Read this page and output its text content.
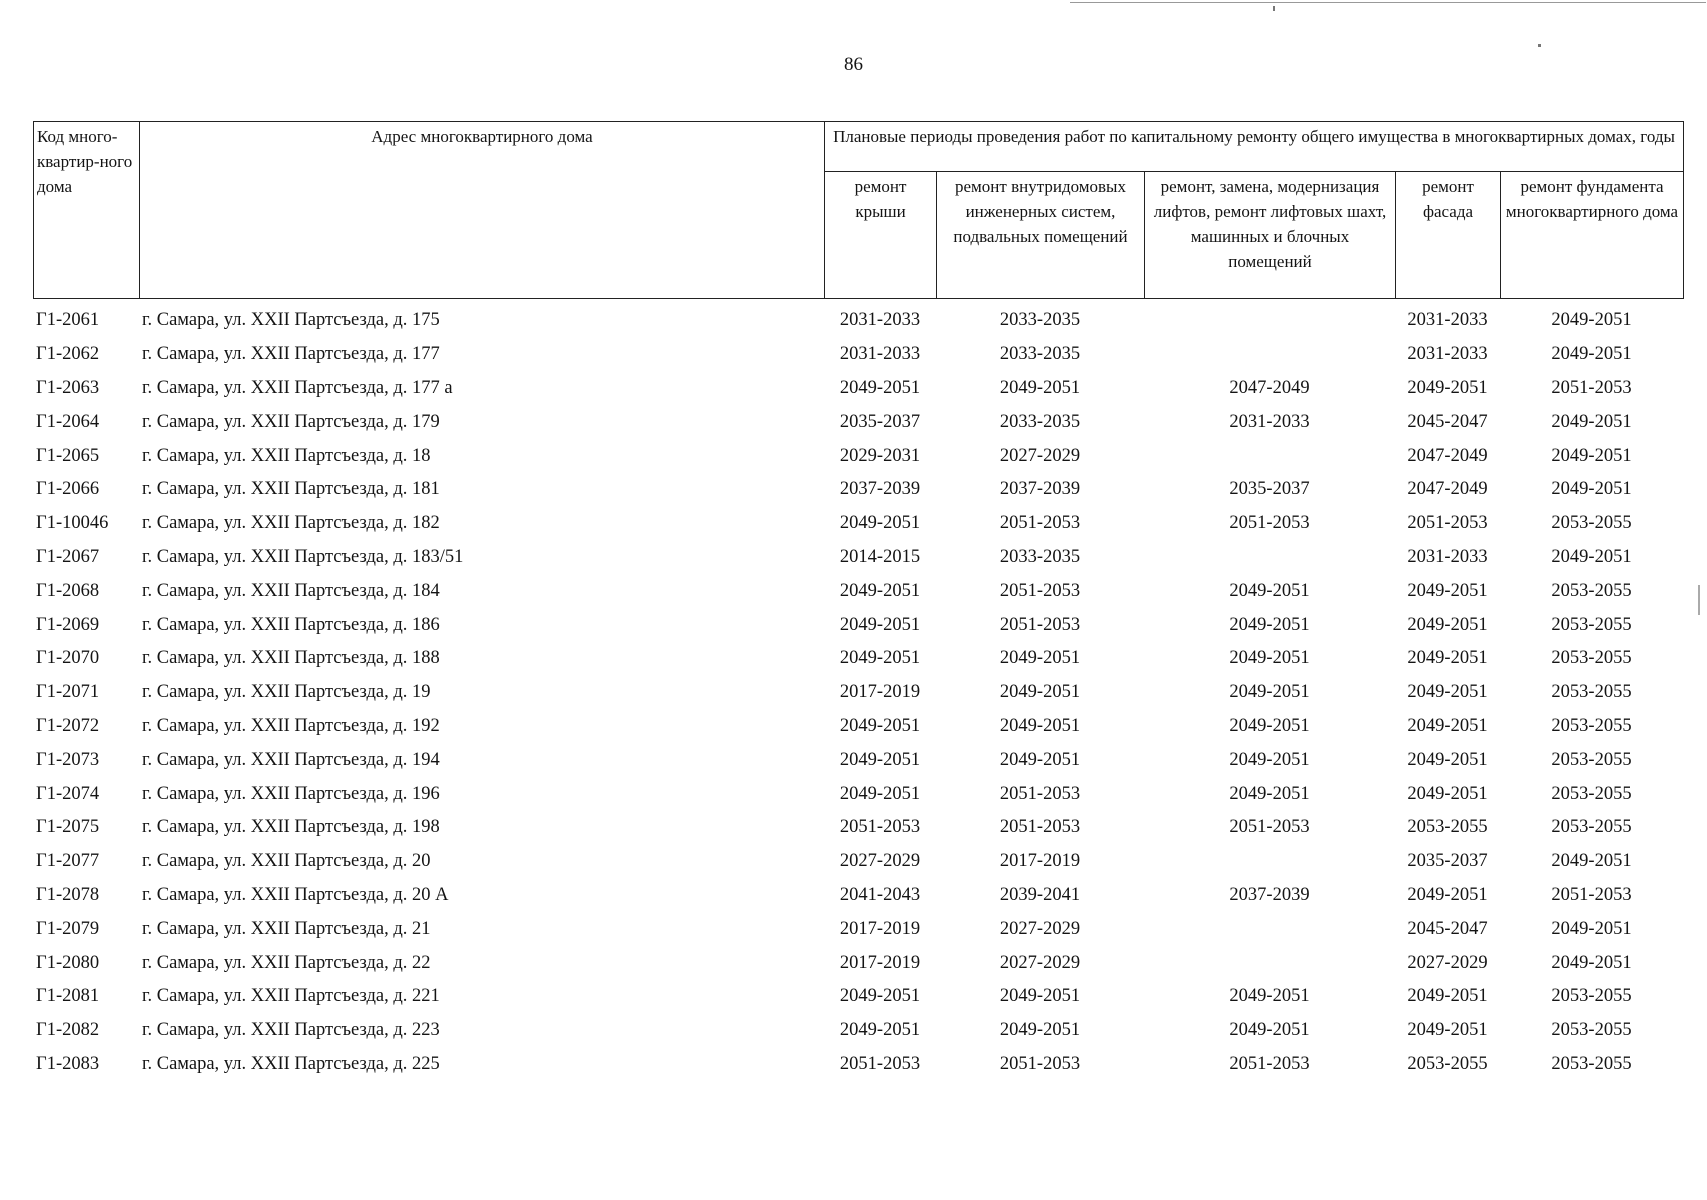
86
Код много-квартир-ного дома	Адрес многоквартирного дома	Плановые периоды проведения работ по капитальному ремонту общего имущества в многоквартирных домах, годы				
		ремонт крыши	ремонт внутридомовых инженерных систем, подвальных помещений	ремонт, замена, модернизация лифтов, ремонт лифтовых шахт, машинных и блочных помещений	ремонт фасада	ремонт фундамента многоквартирного дома
Г1-2061	г. Самара, ул. XXII Партсъезда, д. 175	2031-2033	2033-2035		2031-2033	2049-2051
Г1-2062	г. Самара, ул. XXII Партсъезда, д. 177	2031-2033	2033-2035		2031-2033	2049-2051
Г1-2063	г. Самара, ул. XXII Партсъезда, д. 177 а	2049-2051	2049-2051	2047-2049	2049-2051	2051-2053
Г1-2064	г. Самара, ул. XXII Партсъезда, д. 179	2035-2037	2033-2035	2031-2033	2045-2047	2049-2051
Г1-2065	г. Самара, ул. XXII Партсъезда, д. 18	2029-2031	2027-2029		2047-2049	2049-2051
Г1-2066	г. Самара, ул. XXII Партсъезда, д. 181	2037-2039	2037-2039	2035-2037	2047-2049	2049-2051
Г1-10046	г. Самара, ул. XXII Партсъезда, д. 182	2049-2051	2051-2053	2051-2053	2051-2053	2053-2055
Г1-2067	г. Самара, ул. XXII Партсъезда, д. 183/51	2014-2015	2033-2035		2031-2033	2049-2051
Г1-2068	г. Самара, ул. XXII Партсъезда, д. 184	2049-2051	2051-2053	2049-2051	2049-2051	2053-2055
Г1-2069	г. Самара, ул. XXII Партсъезда, д. 186	2049-2051	2051-2053	2049-2051	2049-2051	2053-2055
Г1-2070	г. Самара, ул. XXII Партсъезда, д. 188	2049-2051	2049-2051	2049-2051	2049-2051	2053-2055
Г1-2071	г. Самара, ул. XXII Партсъезда, д. 19	2017-2019	2049-2051	2049-2051	2049-2051	2053-2055
Г1-2072	г. Самара, ул. XXII Партсъезда, д. 192	2049-2051	2049-2051	2049-2051	2049-2051	2053-2055
Г1-2073	г. Самара, ул. XXII Партсъезда, д. 194	2049-2051	2049-2051	2049-2051	2049-2051	2053-2055
Г1-2074	г. Самара, ул. XXII Партсъезда, д. 196	2049-2051	2051-2053	2049-2051	2049-2051	2053-2055
Г1-2075	г. Самара, ул. XXII Партсъезда, д. 198	2051-2053	2051-2053	2051-2053	2053-2055	2053-2055
Г1-2077	г. Самара, ул. XXII Партсъезда, д. 20	2027-2029	2017-2019		2035-2037	2049-2051
Г1-2078	г. Самара, ул. XXII Партсъезда, д. 20 А	2041-2043	2039-2041	2037-2039	2049-2051	2051-2053
Г1-2079	г. Самара, ул. XXII Партсъезда, д. 21	2017-2019	2027-2029		2045-2047	2049-2051
Г1-2080	г. Самара, ул. XXII Партсъезда, д. 22	2017-2019	2027-2029		2027-2029	2049-2051
Г1-2081	г. Самара, ул. XXII Партсъезда, д. 221	2049-2051	2049-2051	2049-2051	2049-2051	2053-2055
Г1-2082	г. Самара, ул. XXII Партсъезда, д. 223	2049-2051	2049-2051	2049-2051	2049-2051	2053-2055
Г1-2083	г. Самара, ул. XXII Партсъезда, д. 225	2051-2053	2051-2053	2051-2053	2053-2055	2053-2055
